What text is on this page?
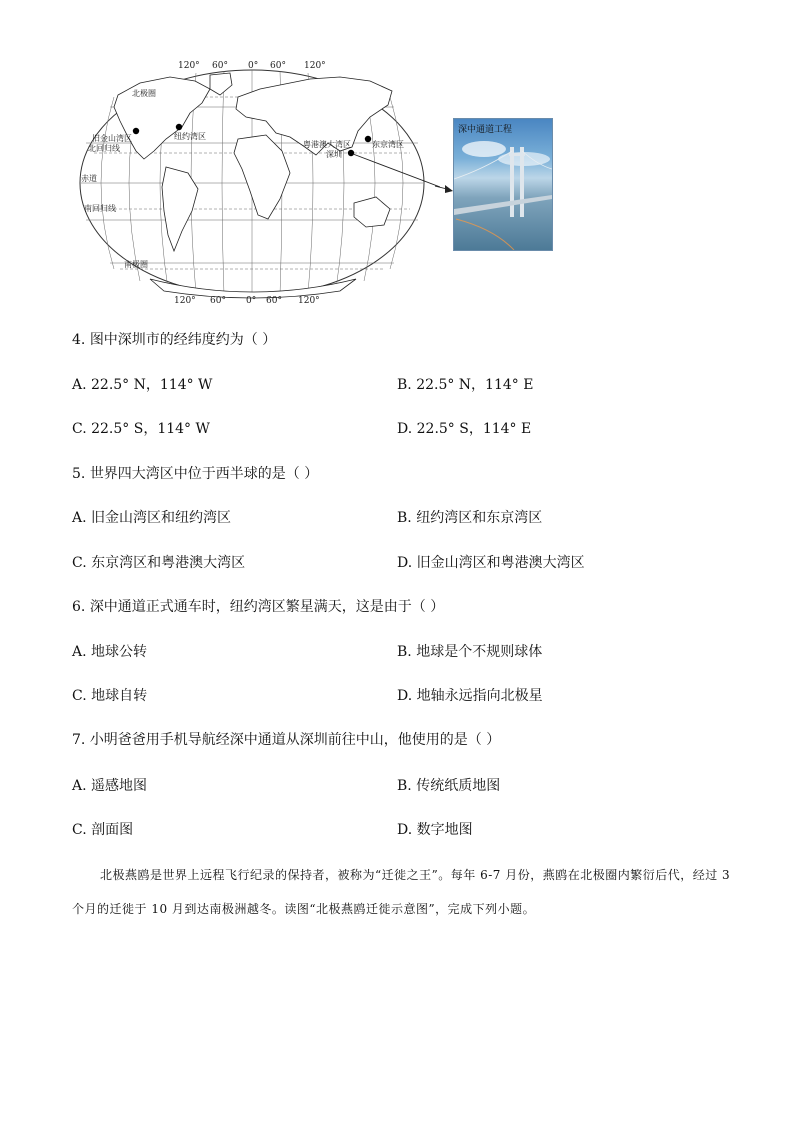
120° 60° 0° 60° 120°
120° 60° 0° 60° 120°
北极圈
北回归线
赤道
南回归线
南极圈
旧金山湾区	纽约湾区
东京湾区
粤港澳大湾区
深圳
深中通道工程
4. 图中深圳市的经纬度约为（ ）
A. 22.5° N，114° W	B. 22.5° N，114° E
C. 22.5° S，114° W	D. 22.5° S，114° E
5. 世界四大湾区中位于西半球的是（ ）
A. 旧金山湾区和纽约湾区	B. 纽约湾区和东京湾区
C. 东京湾区和粤港澳大湾区	D. 旧金山湾区和粤港澳大湾区
6. 深中通道正式通车时，纽约湾区繁星满天，这是由于（ ）
A. 地球公转	B. 地球是个不规则球体
C. 地球自转	D. 地轴永远指向北极星
7. 小明爸爸用手机导航经深中通道从深圳前往中山，他使用的是（ ）
A. 遥感地图	B. 传统纸质地图
C. 剖面图	D. 数字地图
北极燕鸥是世界上远程飞行纪录的保持者，被称为“迁徙之王”。每年 6-7 月份，燕鸥在北极圈内繁衍后代，经过 3 个月的迁徙于 10 月到达南极洲越冬。读图“北极燕鸥迁徙示意图”，完成下列小题。
